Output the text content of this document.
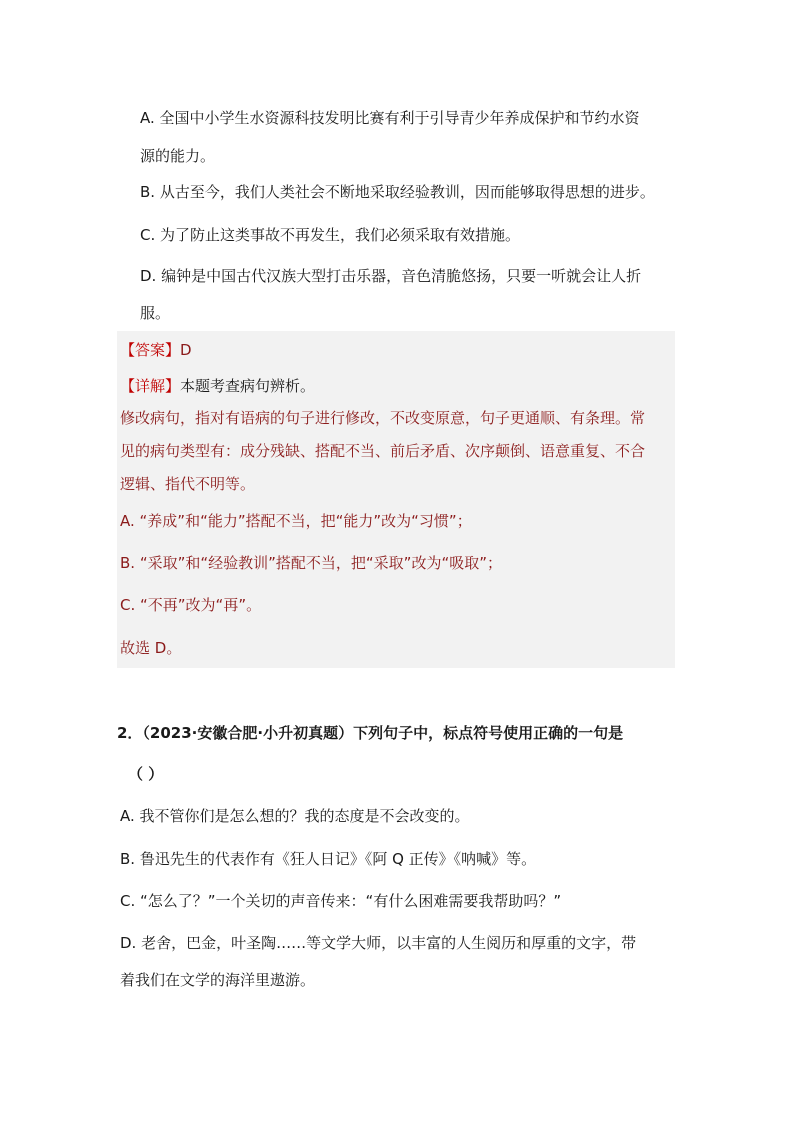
A. 全国中小学生水资源科技发明比赛有利于引导青少年养成保护和节约水资
源的能力。
B. 从古至今，我们人类社会不断地采取经验教训，因而能够取得思想的进步。
C. 为了防止这类事故不再发生，我们必须采取有效措施。
D. 编钟是中国古代汉族大型打击乐器，音色清脆悠扬，只要一听就会让人折
服。
【答案】D
【详解】本题考查病句辨析。
修改病句，指对有语病的句子进行修改，不改变原意，句子更通顺、有条理。常
见的病句类型有：成分残缺、搭配不当、前后矛盾、次序颠倒、语意重复、不合
逻辑、指代不明等。
A. “养成”和“能力”搭配不当，把“能力”改为“习惯”；
B. “采取”和“经验教训”搭配不当，把“采取”改为“吸取”；
C. “不再”改为“再”。
故选 D。
2．（2023·安徽合肥·小升初真题）下列句子中，标点符号使用正确的一句是
（ ）
A. 我不管你们是怎么想的？我的态度是不会改变的。
B. 鲁迅先生的代表作有《狂人日记》《阿 Q 正传》《呐喊》等。
C. “怎么了？”一个关切的声音传来：“有什么困难需要我帮助吗？”
D. 老舍，巴金，叶圣陶……等文学大师，以丰富的人生阅历和厚重的文字，带
着我们在文学的海洋里遨游。
